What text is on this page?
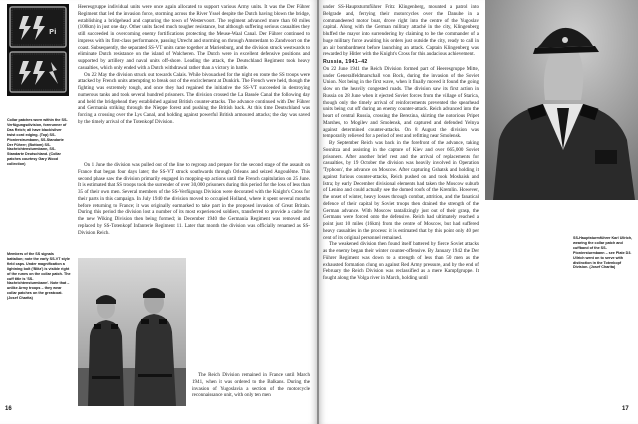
Pi
Collar patches worn within the SS-Verfügungsdivision, forerunner of Das Reich; all have black/silver twist cord edging. (Top) SS-Pionierstrumbann, SS-Standarte Der Führer; (Bottom) SS-Nachrichtensturmbann, SS-Standarte Deutschland. (Collar patches courtesy Gary Wood collection)
Members of the SS signals battalion; note the early SS-VT style field caps. Under magnification a lightning bolt ('Blitz') is visible right of the runes on the collar patch. The cuff title is 'SS-Nachrichtensturmbann'. Note that – unlike Army troops – they wear collar patches on the greatcoat. (Josef Charita)

Heeresgruppe individual units were once again allocated to support various Army units. It was the Der Führer Regiment that led the invasion force, storming across the River Yssel despite the Dutch having blown the bridge, establishing a bridgehead and capturing the town of Westervoort. The regiment advanced more than 60 miles (100km) in just one day. Other units faced much tougher resistance, but although suffering serious casualties they still succeeded in overcoming enemy fortifications protecting the Meuse-Waal Canal. Der Führer continued to impress with its first-class performance, passing Utrecht and storming on through Amsterdam to Zandvoort on the coast. Subsequently, the separated SS-VT units came together at Marienburg, and the division struck westwards to eliminate Dutch resistance on the island of Walcheren. The Dutch were in excellent defensive positions and supported by artillery and naval units off-shore. Leading the attack, the Deutschland Regiment took heavy casualties, which only ended with a Dutch withdrawal rather than a victory in battle.

On 22 May the division struck out towards Calais. While bivouacked for the night en route the SS troops were attacked by French units attempting to break out of the encirclement at Dunkirk. The French were held, though the fighting was extremely tough, and once they had regained the initiative the SS-VT succeeded in destroying numerous tanks and took several hundred prisoners. The division crossed the La Bassée Canal the following day and held the bridgehead they established against British counter-attacks. The advance continued with Der Führer and Germania striking through the Nieppe forest and pushing the British back. At this time Deutschland was forcing a crossing over the Lys Canal, and holding against powerful British armoured attacks; the day was saved by the timely arrival of the Totenkopf Division.

On 1 June the division was pulled out of the line to regroup and prepare for the second stage of the assault on France that began four days later; the SS-VT struck southwards through Orleans and seized Angoulême. This second phase saw the division primarily engaged in mopping-up actions until the French capitulation on 25 June. It is estimated that SS troops took the surrender of over 30,000 prisoners during this period for the loss of less than 35 of their own men. Several members of the SS-Verfügungs Division were decorated with the Knight's Cross for their parts in this campaign. In July 1940 the division moved to occupied Holland, where it spent several months before returning to France; it was originally earmarked to take part in the proposed invasion of Great Britain. During this period the division lost a number of its most experienced soldiers, transferred to provide a cadre for the new Wiking Division then being formed; in December 1940 the Germania Regiment was removed and replaced by SS-Totenkopf Infanterie Regiment 11. Later that month the division was officially renamed as SS-Division Reich.

The Reich Division remained in France until March 1941, when it was ordered to the Balkans. During the invasion of Yugoslavia a section of the motorcycle reconnaissance unit, with only ten men

16

under SS-Hauptsturmführer Fritz Klingenberg, mounted a patrol into Belgrade and, ferrying their motorcycles over the Danube in a commandeered motor boat, drove right into the centre of the Yugoslav capital. Along with the German military attaché in the city, Klingenberg bluffed the mayor into surrendering by claiming to be the commander of a huge military force awaiting his orders just outside the city, ready to call in an air bombardment before launching an attack. Captain Klingenberg was rewarded by Hitler with the Knight's Cross for this audacious achievement.

Russia, 1941–42

On 22 June 1941 the Reich Division formed part of Heeresgruppe Mitte, under Generalfeldmarschall von Bock, during the invasion of the Soviet Union. Not being in the first wave, when it finally moved it found the going slow on the heavily congested roads. The division saw its first action in Russia on 28 June when it ejected Soviet forces from the village of Starica, though only the timely arrival of reinforcements prevented the spearhead units being cut off during an enemy counter-attack. Reich advanced into the heart of central Russia, crossing the Berezina, skirting the notorious Pripet Marshes, to Mogilev and Smolensk, and captured and defended Yelnya against determined counter-attacks. On 8 August the division was temporarily relieved for a period of rest and refitting near Smolensk.

By September Reich was back in the forefront of the advance, taking Sosnitza and assisting in the capture of Kiev and over 665,000 Soviet prisoners. After another brief rest and the arrival of replacements for casualties, by 19 October the division was heavily involved in Operation 'Typhoon', the advance on Moscow. After capturing Gshatsk and holding it against furious counter-attacks, Reich pushed on and took Moshaisk and Istra; by early December divisional elements had taken the Moscow suburb of Lenino and could actually see the domed roofs of the Kremlin. However, the onset of winter, heavy losses through combat, attrition, and the fanatical defence of their capital by Soviet troops then drained the strength of the German advance. With Moscow tantalizingly just out of their grasp, the Germans were forced onto the defensive. Reich had ultimately reached a point just 10 miles (16km) from the centre of Moscow, but had suffered heavy casualties in the process: it is estimated that by this point only 40 per cent of its original personnel remained.

The weakened division then found itself battered by fierce Soviet attacks as the enemy began their winter counter-offensive. By January 1942 the Der Führer Regiment was down to a strength of less than 50 men as the exhausted formation clung on against Red Army pressure, and by the end of February the Reich Division was reclassified as a mere Kampfgruppe. It fought along the Volga river in March, holding until

SS-Hauptsturmführer Karl Ullrich, wearing the collar patch and cuffband of the SS-Pioniersturmbann – see Plate D3. Ullrich went on to serve with distinction in the Totenkopf Division. (Josef Charita)
17
